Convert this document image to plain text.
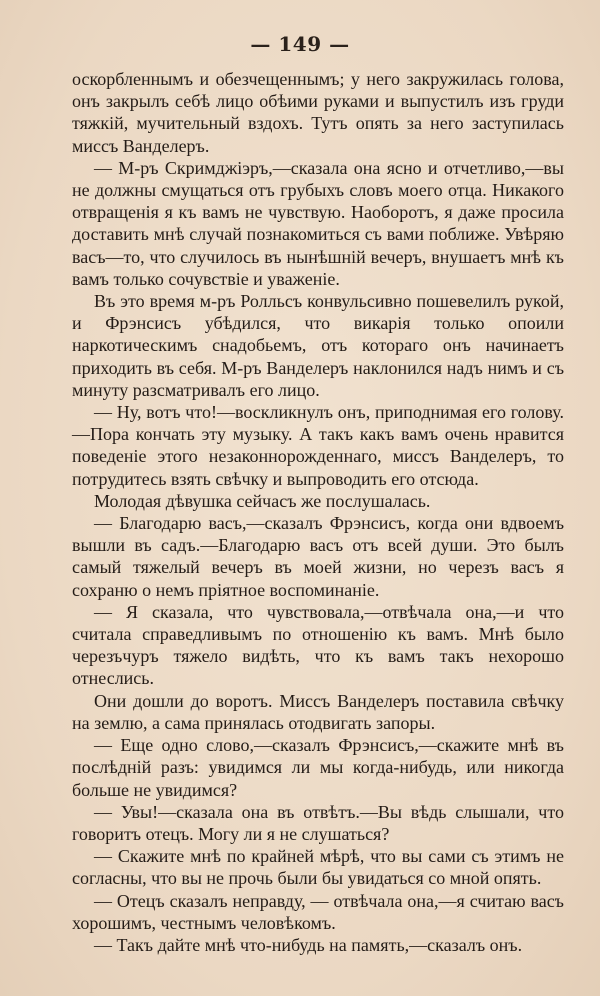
— 149 —

оскорбленнымъ и обезчещеннымъ; у него закружилась голова, онъ закрылъ себѣ лицо обѣими руками и выпустилъ изъ груди тяжкій, мучительный вздохъ. Тутъ опять за него заступилась миссъ Ванделеръ.

— М-ръ Скримджіэръ,—сказала она ясно и отчетливо,—вы не должны смущаться отъ грубыхъ словъ моего отца. Никакого отвращенія я къ вамъ не чувствую. Наоборотъ, я даже просила доставить мнѣ случай познакомиться съ вами поближе. Увѣряю васъ—то, что случилось въ нынѣшній вечеръ, внушаетъ мнѣ къ вамъ только сочувствіе и уваженіе.

Въ это время м-ръ Ролльсъ конвульсивно пошевелилъ рукой, и Фрэнсисъ убѣдился, что викарія только опоили наркотическимъ снадобьемъ, отъ котораго онъ начинаетъ приходить въ себя. М-ръ Ванделеръ наклонился надъ нимъ и съ минуту разсматривалъ его лицо.

— Ну, вотъ что!—воскликнулъ онъ, приподнимая его голову.—Пора кончать эту музыку. А такъ какъ вамъ очень нравится поведеніе этого незаконнорожденнаго, миссъ Ванделеръ, то потрудитесь взять свѣчку и выпроводить его отсюда.

Молодая дѣвушка сейчасъ же послушалась.

— Благодарю васъ,—сказалъ Фрэнсисъ, когда они вдвоемъ вышли въ садъ.—Благодарю васъ отъ всей души. Это былъ самый тяжелый вечеръ въ моей жизни, но черезъ васъ я сохраню о немъ пріятное воспоминаніе.

— Я сказала, что чувствовала,—отвѣчала она,—и что считала справедливымъ по отношенію къ вамъ. Мнѣ было черезъчуръ тяжело видѣть, что къ вамъ такъ нехорошо отнеслись.

Они дошли до воротъ. Миссъ Ванделеръ поставила свѣчку на землю, а сама принялась отодвигать запоры.

— Еще одно слово,—сказалъ Фрэнсисъ,—скажите мнѣ въ послѣдній разъ: увидимся ли мы когда-нибудь, или никогда больше не увидимся?

— Увы!—сказала она въ отвѣтъ.—Вы вѣдь слышали, что говоритъ отецъ. Могу ли я не слушаться?

— Скажите мнѣ по крайней мѣрѣ, что вы сами съ этимъ не согласны, что вы не прочь были бы увидаться со мной опять.

— Отецъ сказалъ неправду, — отвѣчала она,—я считаю васъ хорошимъ, честнымъ человѣкомъ.

— Такъ дайте мнѣ что-нибудь на память,—сказалъ онъ.
